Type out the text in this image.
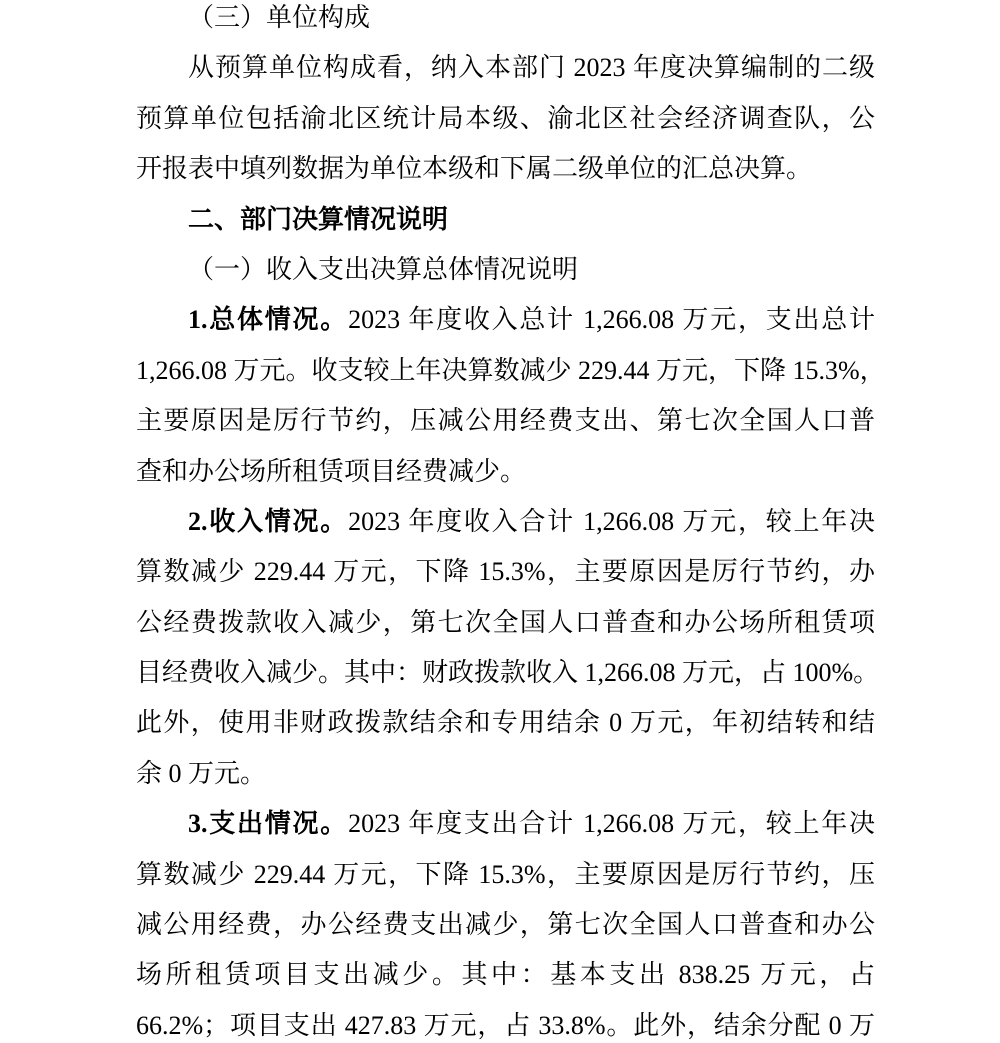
（三）单位构成
从预算单位构成看，纳入本部门 2023 年度决算编制的二级
预算单位包括渝北区统计局本级、渝北区社会经济调查队，公
开报表中填列数据为单位本级和下属二级单位的汇总决算。
二、部门决算情况说明
（一）收入支出决算总体情况说明
1.总体情况。2023 年度收入总计 1,266.08 万元，支出总计
1,266.08 万元。收支较上年决算数减少 229.44 万元，下降 15.3%，
主要原因是厉行节约，压减公用经费支出、第七次全国人口普
查和办公场所租赁项目经费减少。
2.收入情况。2023 年度收入合计 1,266.08 万元，较上年决
算数减少 229.44 万元，下降 15.3%，主要原因是厉行节约，办
公经费拨款收入减少，第七次全国人口普查和办公场所租赁项
目经费收入减少。其中：财政拨款收入 1,266.08 万元，占 100%。
此外，使用非财政拨款结余和专用结余 0 万元，年初结转和结
余 0 万元。
3.支出情况。2023 年度支出合计 1,266.08 万元，较上年决
算数减少 229.44 万元，下降 15.3%，主要原因是厉行节约，压
减公用经费，办公经费支出减少，第七次全国人口普查和办公
场所租赁项目支出减少。其中：基本支出 838.25 万元，占
66.2%；项目支出 427.83 万元，占 33.8%。此外，结余分配 0 万
